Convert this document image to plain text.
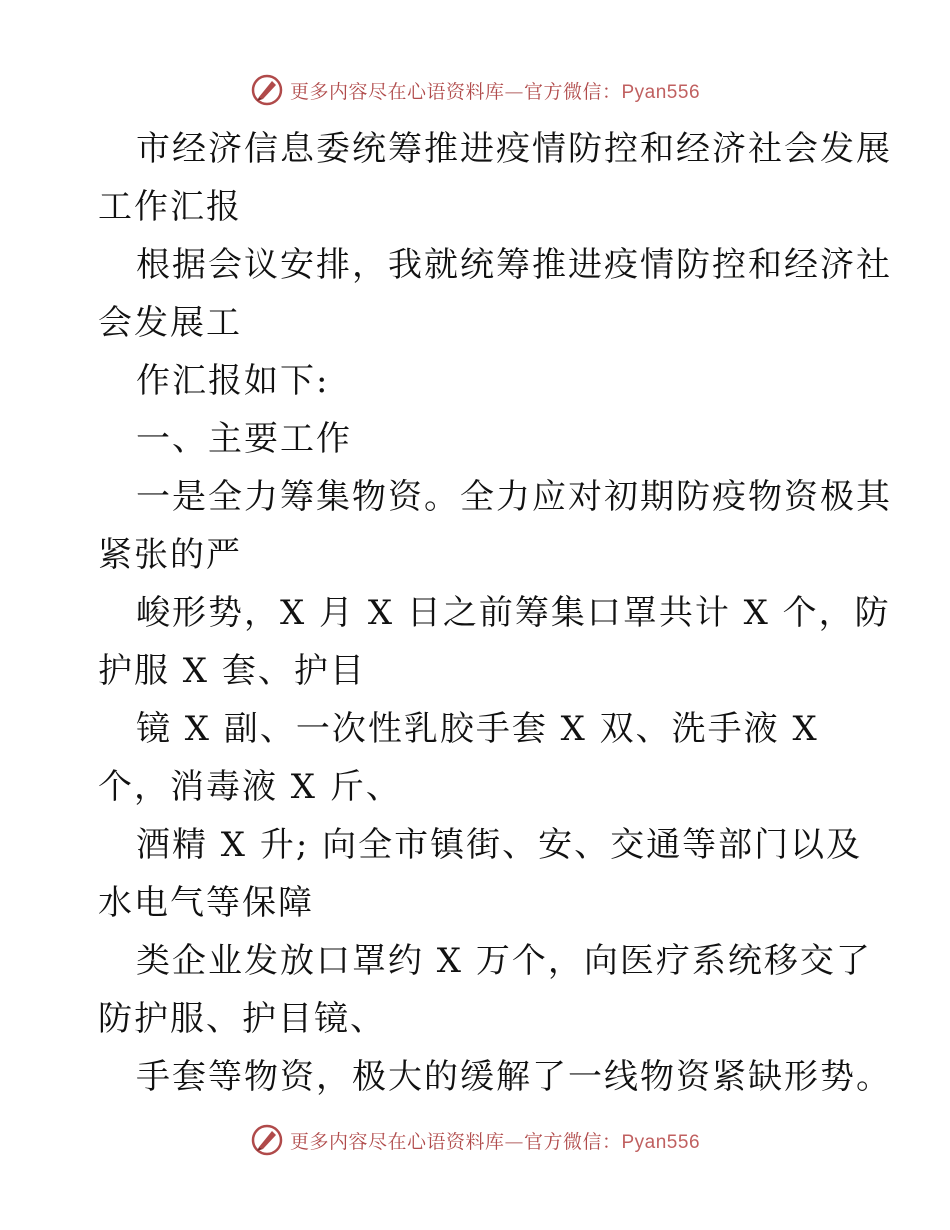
更多内容尽在心语资料库—官方微信：Pyan556
市经济信息委统筹推进疫情防控和经济社会发展
工作汇报
根据会议安排，我就统筹推进疫情防控和经济社
会发展工
作汇报如下:
一、主要工作
一是全力筹集物资。全力应对初期防疫物资极其
紧张的严
峻形势，X 月 X 日之前筹集口罩共计 X 个，防
护服 X 套、护目
镜 X 副、一次性乳胶手套 X 双、洗手液 X
个，消毒液 X 斤、
酒精 X 升; 向全市镇街、安、交通等部门以及
水电气等保障
类企业发放口罩约 X 万个，向医疗系统移交了
防护服、护目镜、
手套等物资，极大的缓解了一线物资紧缺形势。
更多内容尽在心语资料库—官方微信：Pyan556
